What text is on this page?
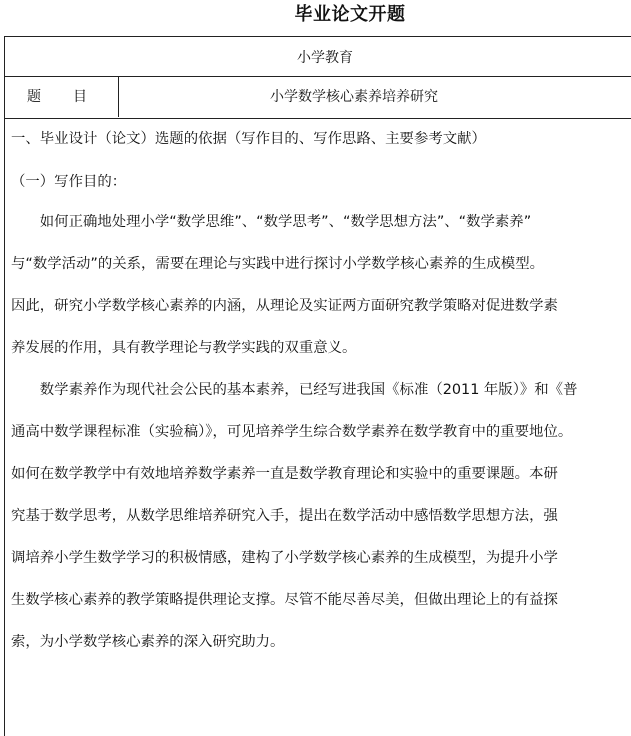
毕业论文开题
小学教育
题 目	小学数学核心素养培养研究
一、毕业设计（论文）选题的依据（写作目的、写作思路、主要参考文献）
（一）写作目的：
　　如何正确地处理小学“数学思维”、“数学思考”、“数学思想方法”、“数学素养”
与“数学活动”的关系，需要在理论与实践中进行探讨小学数学核心素养的生成模型。
因此，研究小学数学核心素养的内涵，从理论及实证两方面研究教学策略对促进数学素
养发展的作用，具有教学理论与教学实践的双重意义。
　　数学素养作为现代社会公民的基本素养，已经写进我国《标准（2011 年版）》和《普
通高中数学课程标准（实验稿）》，可见培养学生综合数学素养在数学教育中的重要地位。
如何在数学教学中有效地培养数学素养一直是数学教育理论和实验中的重要课题。本研
究基于数学思考，从数学思维培养研究入手，提出在数学活动中感悟数学思想方法，强
调培养小学生数学学习的积极情感，建构了小学数学核心素养的生成模型，为提升小学
生数学核心素养的教学策略提供理论支撑。尽管不能尽善尽美，但做出理论上的有益探
索，为小学数学核心素养的深入研究助力。
